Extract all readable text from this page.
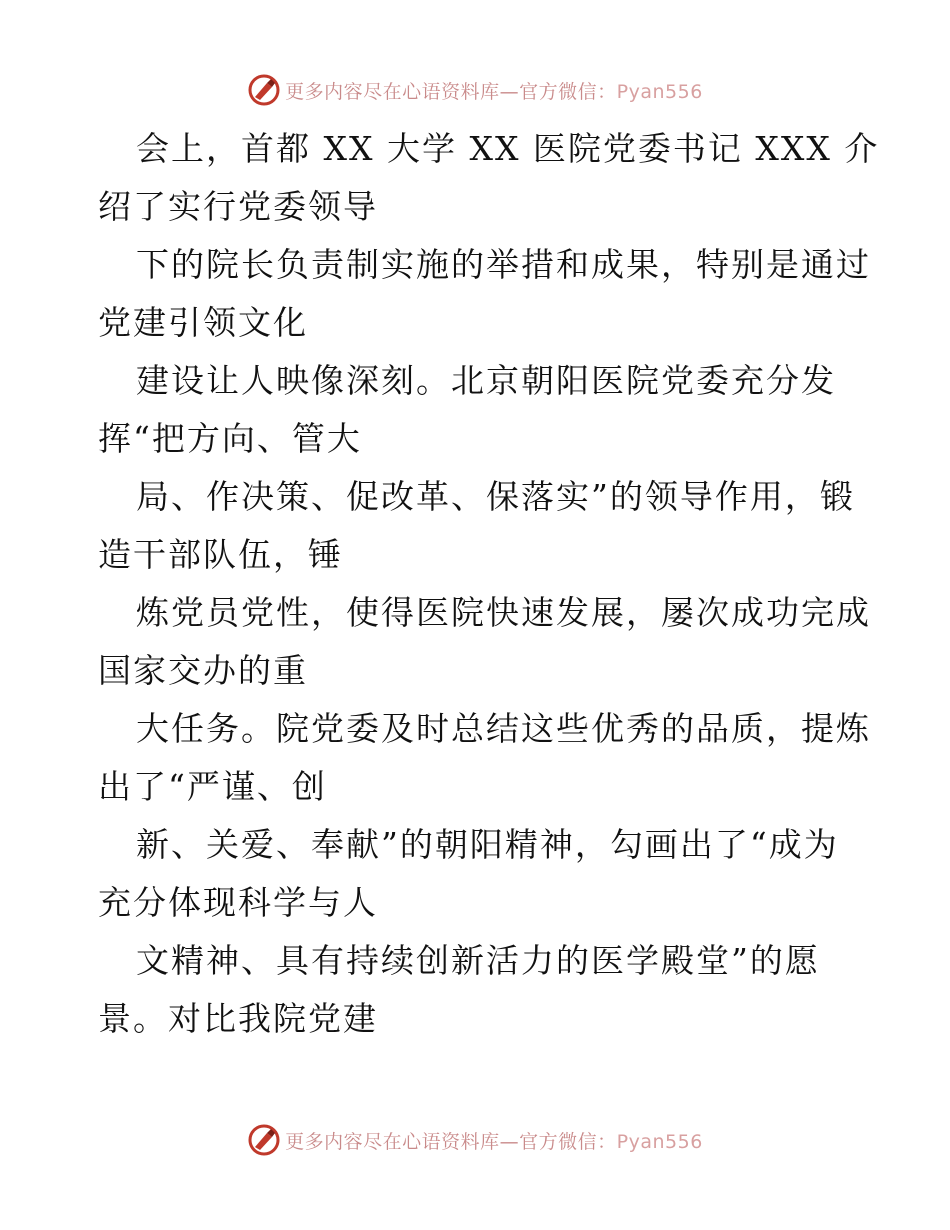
更多内容尽在心语资料库—官方微信：Pyan556
会上，首都 XX 大学 XX 医院党委书记 XXX 介
绍了实行党委领导
下的院长负责制实施的举措和成果，特别是通过
党建引领文化
建设让人映像深刻。北京朝阳医院党委充分发
挥“把方向、管大
局、作决策、促改革、保落实”的领导作用，锻
造干部队伍，锤
炼党员党性，使得医院快速发展，屡次成功完成
国家交办的重
大任务。院党委及时总结这些优秀的品质，提炼
出了“严谨、创
新、关爱、奉献”的朝阳精神，勾画出了“成为
充分体现科学与人
文精神、具有持续创新活力的医学殿堂”的愿
景。对比我院党建
更多内容尽在心语资料库—官方微信：Pyan556
